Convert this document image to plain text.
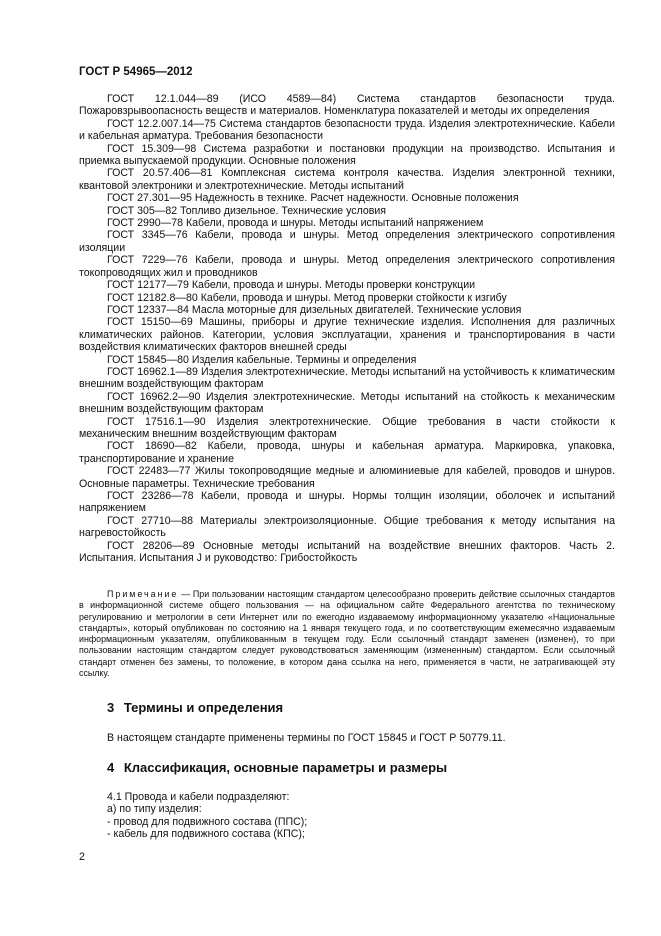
ГОСТ Р 54965—2012

ГОСТ 12.1.044—89 (ИСО 4589—84) Система стандартов безопасности труда. Пожаровзрывоопасность веществ и материалов. Номенклатура показателей и методы их определения

ГОСТ 12.2.007.14—75 Система стандартов безопасности труда. Изделия электротехнические. Кабели и кабельная арматура. Требования безопасности

ГОСТ 15.309—98 Система разработки и постановки продукции на производство. Испытания и приемка выпускаемой продукции. Основные положения

ГОСТ 20.57.406—81 Комплексная система контроля качества. Изделия электронной техники, квантовой электроники и электротехнические. Методы испытаний

ГОСТ 27.301—95 Надежность в технике. Расчет надежности. Основные положения

ГОСТ 305—82 Топливо дизельное. Технические условия

ГОСТ 2990—78 Кабели, провода и шнуры. Методы испытаний напряжением

ГОСТ 3345—76 Кабели, провода и шнуры. Метод определения электрического сопротивления изоляции

ГОСТ 7229—76 Кабели, провода и шнуры. Метод определения электрического сопротивления токопроводящих жил и проводников

ГОСТ 12177—79 Кабели, провода и шнуры. Методы проверки конструкции

ГОСТ 12182.8—80 Кабели, провода и шнуры. Метод проверки стойкости к изгибу

ГОСТ 12337—84 Масла моторные для дизельных двигателей. Технические условия

ГОСТ 15150—69 Машины, приборы и другие технические изделия. Исполнения для различных климатических районов. Категории, условия эксплуатации, хранения и транспортирования в части воздействия климатических факторов внешней среды

ГОСТ 15845—80 Изделия кабельные. Термины и определения

ГОСТ 16962.1—89 Изделия электротехнические. Методы испытаний на устойчивость к климатическим внешним воздействующим факторам

ГОСТ 16962.2—90 Изделия электротехнические. Методы испытаний на стойкость к механическим внешним воздействующим факторам

ГОСТ 17516.1—90 Изделия электротехнические. Общие требования в части стойкости к механическим внешним воздействующим факторам

ГОСТ 18690—82 Кабели, провода, шнуры и кабельная арматура. Маркировка, упаковка, транспортирование и хранение

ГОСТ 22483—77 Жилы токопроводящие медные и алюминиевые для кабелей, проводов и шнуров. Основные параметры. Технические требования

ГОСТ 23286—78 Кабели, провода и шнуры. Нормы толщин изоляции, оболочек и испытаний напряжением

ГОСТ 27710—88 Материалы электроизоляционные. Общие требования к методу испытания на нагревостойкость

ГОСТ 28206—89 Основные методы испытаний на воздействие внешних факторов. Часть 2. Испытания. Испытания J и руководство: Грибостойкость

Примечание — При пользовании настоящим стандартом целесообразно проверить действие ссылочных стандартов в информационной системе общего пользования — на официальном сайте Федерального агентства по техническому регулированию и метрологии в сети Интернет или по ежегодно издаваемому информационному указателю «Национальные стандарты», который опубликован по состоянию на 1 января текущего года, и по соответствующим ежемесячно издаваемым информационным указателям, опубликованным в текущем году. Если ссылочный стандарт заменен (изменен), то при пользовании настоящим стандартом следует руководствоваться заменяющим (измененным) стандартом. Если ссылочный стандарт отменен без замены, то положение, в котором дана ссылка на него, применяется в части, не затрагивающей эту ссылку.

3 Термины и определения

В настоящем стандарте применены термины по ГОСТ 15845 и ГОСТ Р 50779.11.

4 Классификация, основные параметры и размеры
4.1 Провода и кабели подразделяют:
а) по типу изделия:
- провод для подвижного состава (ППС);
- кабель для подвижного состава (КПС);
2
